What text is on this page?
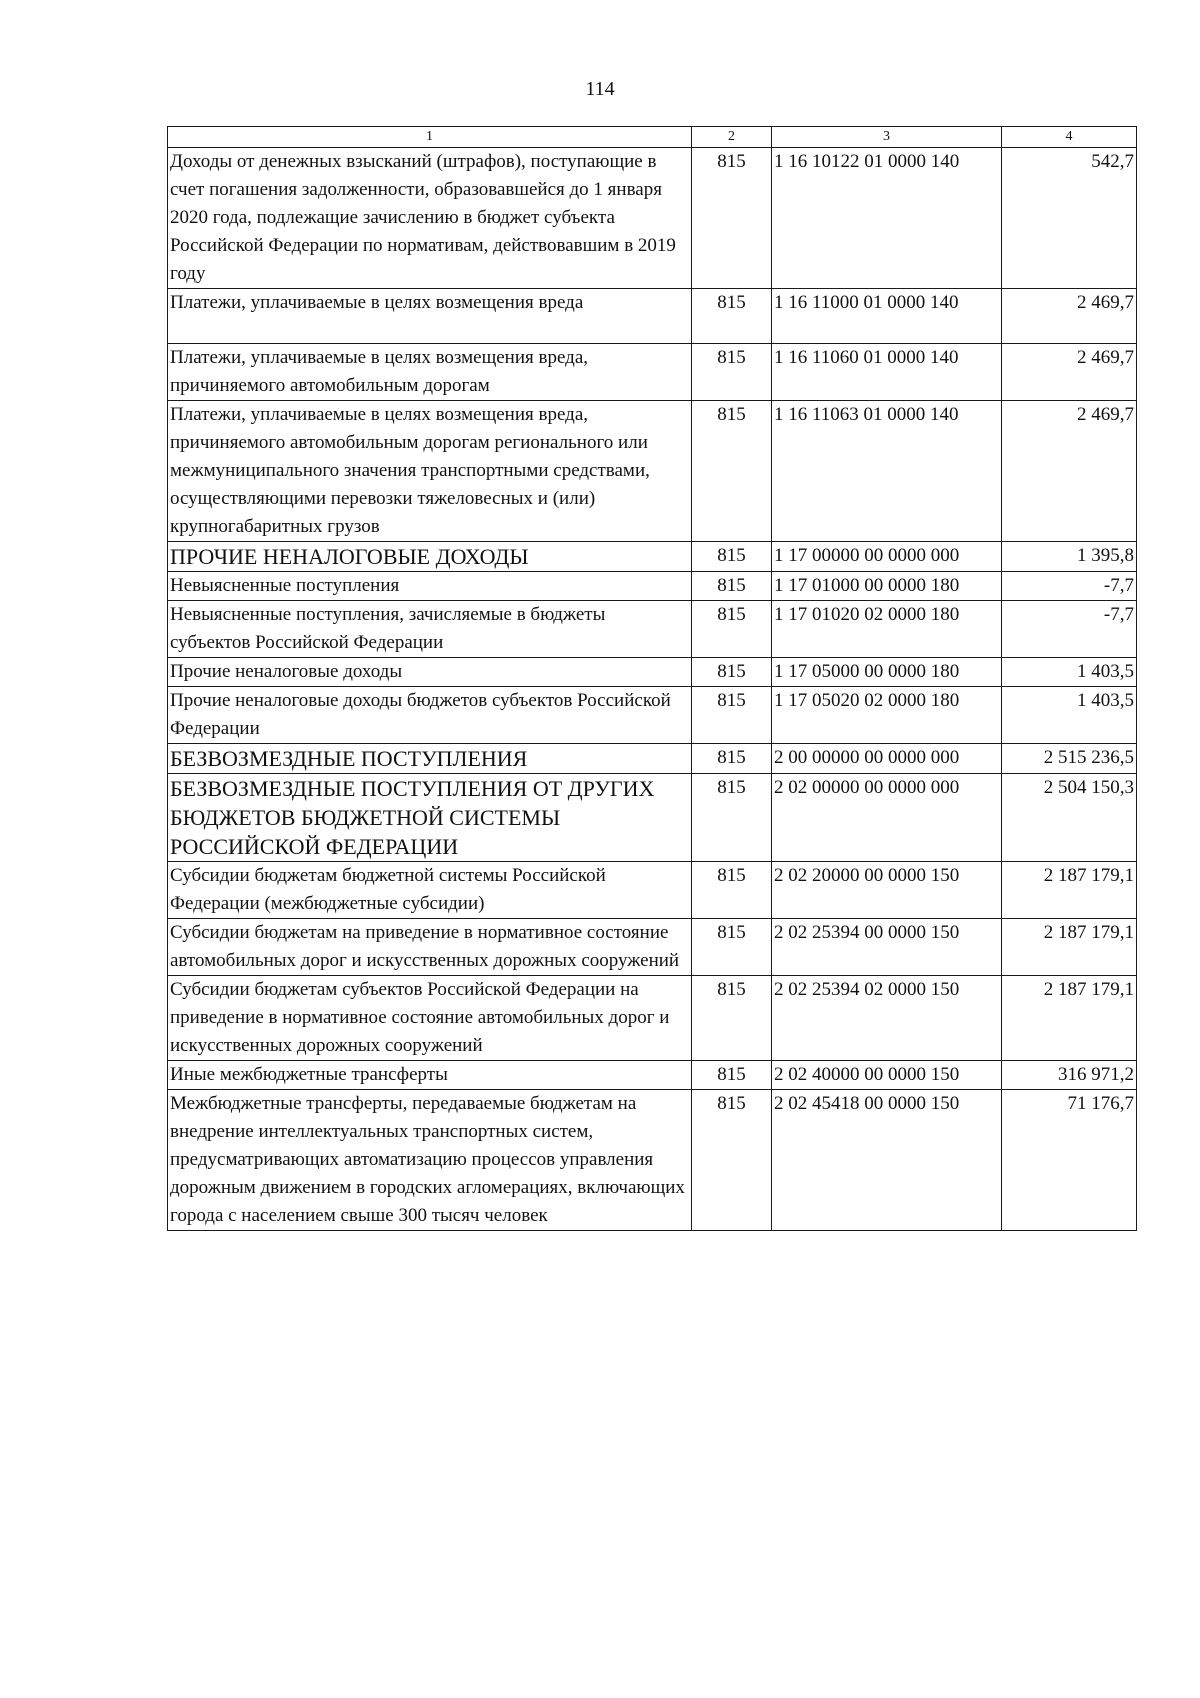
114
1	2	3	4
Доходы от денежных взысканий (штрафов), поступающие в счет погашения задолженности, образовавшейся до 1 января 2020 года, подлежащие зачислению в бюджет субъекта Российской Федерации по нормативам, действовавшим в 2019 году	815	1 16 10122 01 0000 140	542,7
Платежи, уплачиваемые в целях возмещения вреда	815	1 16 11000 01 0000 140	2 469,7
Платежи, уплачиваемые в целях возмещения вреда, причиняемого автомобильным дорогам	815	1 16 11060 01 0000 140	2 469,7
Платежи, уплачиваемые в целях возмещения вреда, причиняемого автомобильным дорогам регионального или межмуниципального значения транспортными средствами, осуществляющими перевозки тяжеловесных и (или) крупногабаритных грузов	815	1 16 11063 01 0000 140	2 469,7
ПРОЧИЕ НЕНАЛОГОВЫЕ ДОХОДЫ	815	1 17 00000 00 0000 000	1 395,8
Невыясненные поступления	815	1 17 01000 00 0000 180	-7,7
Невыясненные поступления, зачисляемые в бюджеты субъектов Российской Федерации	815	1 17 01020 02 0000 180	-7,7
Прочие неналоговые доходы	815	1 17 05000 00 0000 180	1 403,5
Прочие неналоговые доходы бюджетов субъектов Российской Федерации	815	1 17 05020 02 0000 180	1 403,5
БЕЗВОЗМЕЗДНЫЕ ПОСТУПЛЕНИЯ	815	2 00 00000 00 0000 000	2 515 236,5
БЕЗВОЗМЕЗДНЫЕ ПОСТУПЛЕНИЯ ОТ ДРУГИХ БЮДЖЕТОВ БЮДЖЕТНОЙ СИСТЕМЫ РОССИЙСКОЙ ФЕДЕРАЦИИ	815	2 02 00000 00 0000 000	2 504 150,3
Субсидии бюджетам бюджетной системы Российской Федерации (межбюджетные субсидии)	815	2 02 20000 00 0000 150	2 187 179,1
Субсидии бюджетам на приведение в нормативное состояние автомобильных дорог и искусственных дорожных сооружений	815	2 02 25394 00 0000 150	2 187 179,1
Субсидии бюджетам субъектов Российской Федерации на приведение в нормативное состояние автомобильных дорог и искусственных дорожных сооружений	815	2 02 25394 02 0000 150	2 187 179,1
Иные межбюджетные трансферты	815	2 02 40000 00 0000 150	316 971,2
Межбюджетные трансферты, передаваемые бюджетам на внедрение интеллектуальных транспортных систем, предусматривающих автоматизацию процессов управления дорожным движением в городских агломерациях, включающих города с населением свыше 300 тысяч человек	815	2 02 45418 00 0000 150	71 176,7
